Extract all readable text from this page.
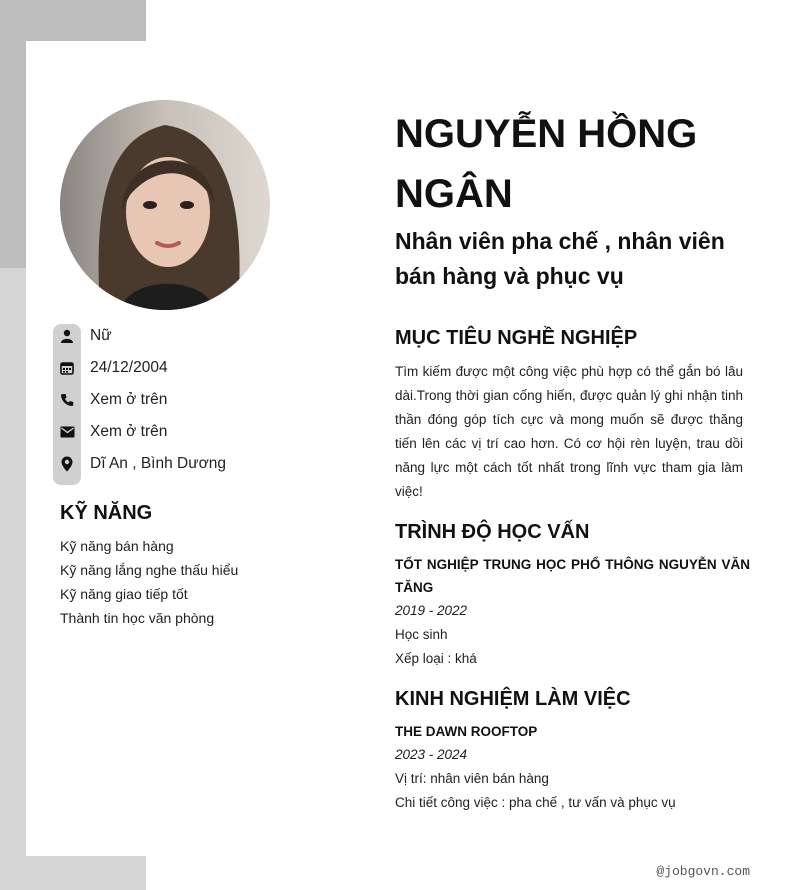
Nữ
24/12/2004
Xem ở trên
Xem ở trên
Dĩ An , Bình Dương
KỸ NĂNG
Kỹ năng bán hàng
Kỹ năng lắng nghe thấu hiểu
Kỹ năng giao tiếp tốt
Thành tin học văn phòng
NGUYỄN HỒNG NGÂN
Nhân viên pha chế , nhân viên bán hàng và phục vụ
MỤC TIÊU NGHỀ NGHIỆP
Tìm kiếm được một công việc phù hợp có thể gắn bó lâu dài.Trong thời gian cống hiến, được quản lý ghi nhận tinh thần đóng góp tích cực và mong muốn sẽ được thăng tiến lên các vị trí cao hơn. Có cơ hội rèn luyện, trau dồi năng lực một cách tốt nhất trong lĩnh vực tham gia làm việc!
TRÌNH ĐỘ HỌC VẤN
TỐT NGHIỆP TRUNG HỌC PHỔ THÔNG NGUYỄN VĂN TĂNG
2019 - 2022
Học sinh
Xếp loại : khá
KINH NGHIỆM LÀM VIỆC
THE DAWN ROOFTOP
2023 - 2024
Vị trí: nhân viên bán hàng
Chi tiết công việc : pha chế , tư vấn và phục vụ
@jobgovn.com
